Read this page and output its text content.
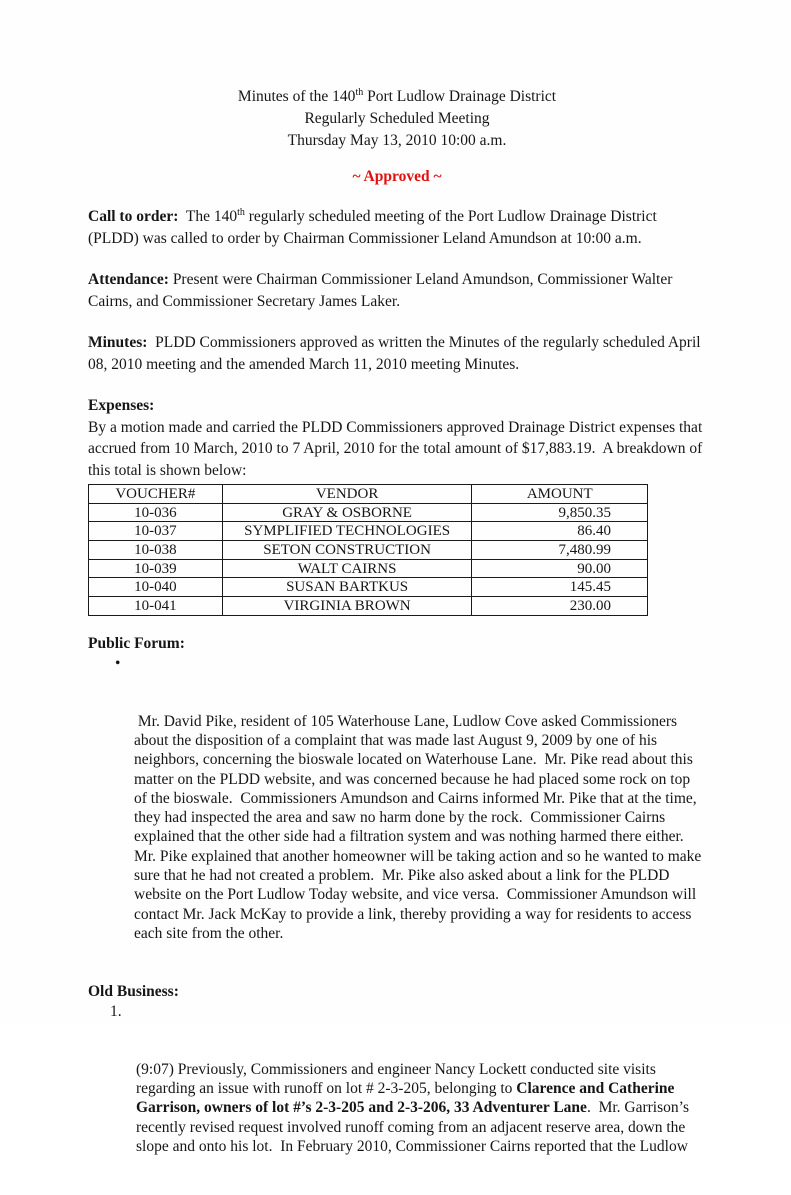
Minutes of the 140th Port Ludlow Drainage District
Regularly Scheduled Meeting
Thursday May 13, 2010 10:00 a.m.
~ Approved ~
Call to order:  The 140th regularly scheduled meeting of the Port Ludlow Drainage District (PLDD) was called to order by Chairman Commissioner Leland Amundson at 10:00 a.m.
Attendance: Present were Chairman Commissioner Leland Amundson, Commissioner Walter Cairns, and Commissioner Secretary James Laker.
Minutes:  PLDD Commissioners approved as written the Minutes of the regularly scheduled April 08, 2010 meeting and the amended March 11, 2010 meeting Minutes.
Expenses:
By a motion made and carried the PLDD Commissioners approved Drainage District expenses that accrued from 10 March, 2010 to 7 April, 2010 for the total amount of $17,883.19.  A breakdown of this total is shown below:
VOUCHER#	VENDOR	AMOUNT
10-036	GRAY & OSBORNE	9,850.35
10-037	SYMPLIFIED TECHNOLOGIES	86.40
10-038	SETON CONSTRUCTION	7,480.99
10-039	WALT CAIRNS	90.00
10-040	SUSAN BARTKUS	145.45
10-041	VIRGINIA BROWN	230.00
Public Forum:

•

Mr. David Pike, resident of 105 Waterhouse Lane, Ludlow Cove asked Commissioners about the disposition of a complaint that was made last August 9, 2009 by one of his neighbors, concerning the bioswale located on Waterhouse Lane.  Mr. Pike read about this matter on the PLDD website, and was concerned because he had placed some rock on top of the bioswale.  Commissioners Amundson and Cairns informed Mr. Pike that at the time, they had inspected the area and saw no harm done by the rock.  Commissioner Cairns explained that the other side had a filtration system and was nothing harmed there either.  Mr. Pike explained that another homeowner will be taking action and so he wanted to make sure that he had not created a problem.  Mr. Pike also asked about a link for the PLDD website on the Port Ludlow Today website, and vice versa.  Commissioner Amundson will contact Mr. Jack McKay to provide a link, thereby providing a way for residents to access each site from the other.

Old Business:

1.

(9:07) Previously, Commissioners and engineer Nancy Lockett conducted site visits regarding an issue with runoff on lot # 2-3-205, belonging to Clarence and Catherine Garrison, owners of lot #’s 2-3-205 and 2-3-206, 33 Adventurer Lane.  Mr. Garrison’s recently revised request involved runoff coming from an adjacent reserve area, down the slope and onto his lot.  In February 2010, Commissioner Cairns reported that the Ludlow
